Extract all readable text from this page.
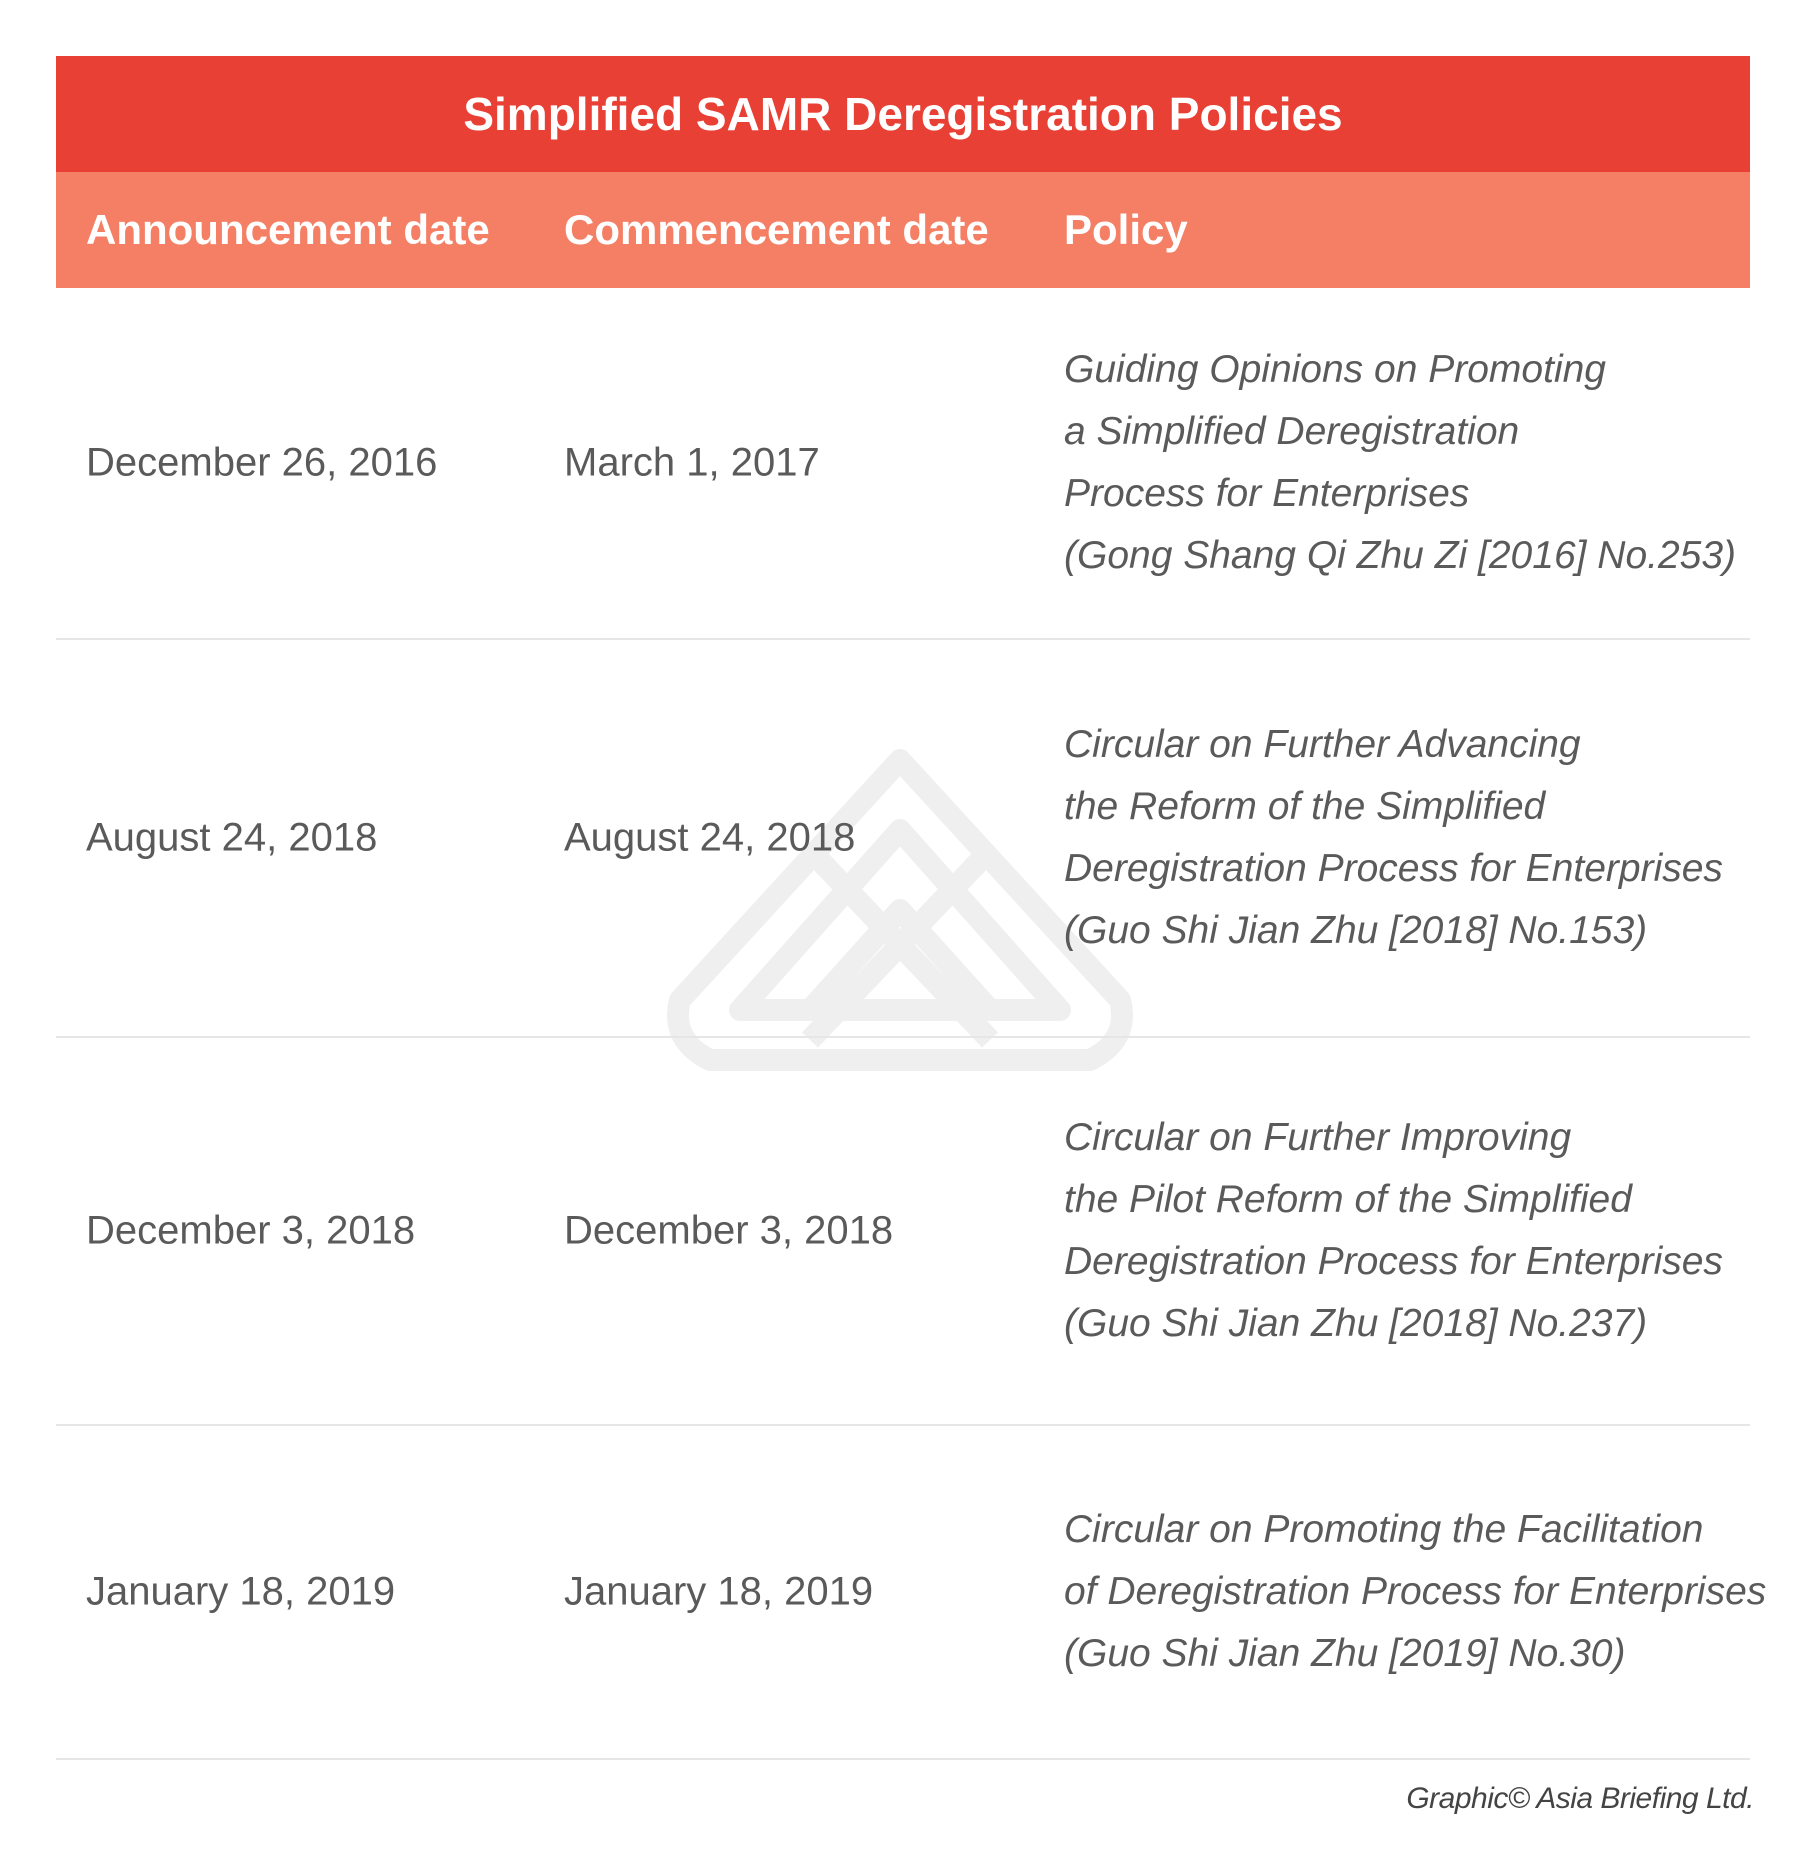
Simplified SAMR Deregistration Policies
Announcement date Commencement date Policy
December 26, 2016	March 1, 2017
Guiding Opinions on Promoting
a Simplified Deregistration
Process for Enterprises
(Gong Shang Qi Zhu Zi [2016] No.253)
August 24, 2018	August 24, 2018
Circular on Further Advancing
the Reform of the Simplified
Deregistration Process for Enterprises
(Guo Shi Jian Zhu [2018] No.153)
December 3, 2018	December 3, 2018
Circular on Further Improving
the Pilot Reform of the Simplified
Deregistration Process for Enterprises
(Guo Shi Jian Zhu [2018] No.237)
January 18, 2019	January 18, 2019
Circular on Promoting the Facilitation
of Deregistration Process for Enterprises
(Guo Shi Jian Zhu [2019] No.30)
Graphic© Asia Briefing Ltd.
